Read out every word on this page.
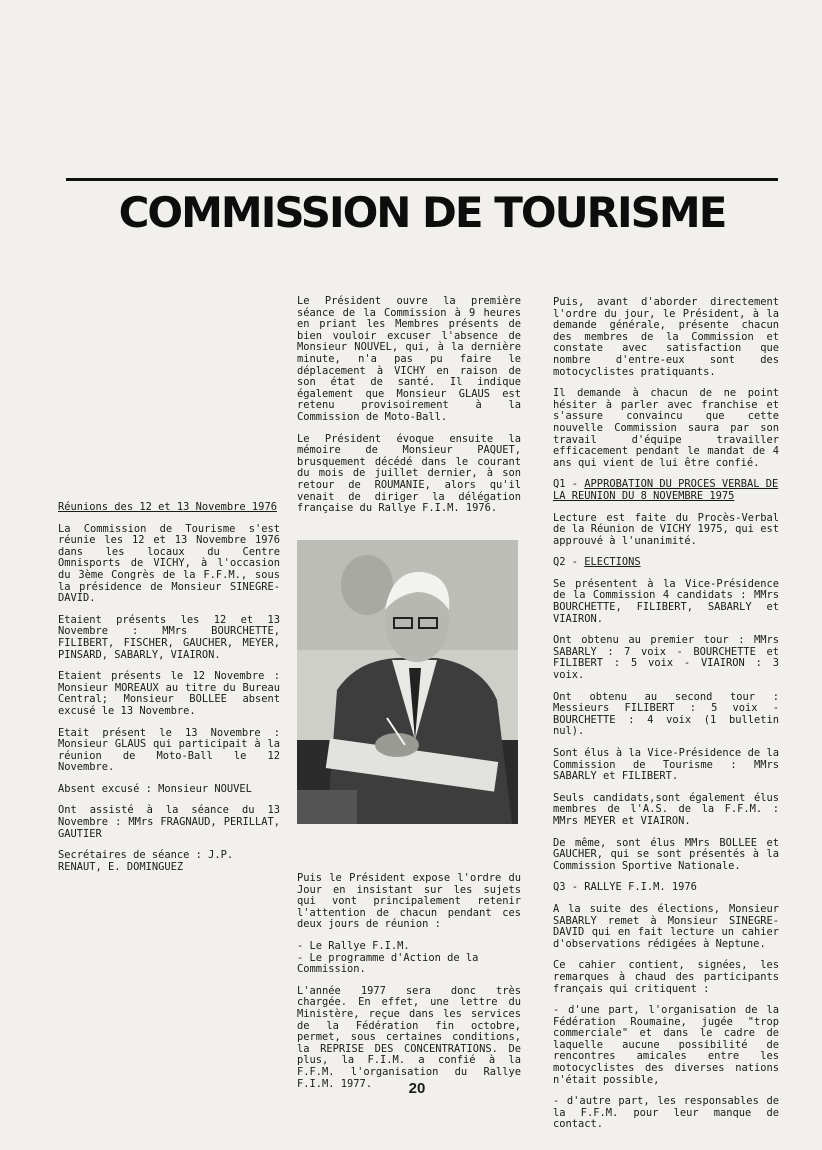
COMMISSION DE TOURISME

Réunions des 12 et 13 Novembre 1976

La Commission de Tourisme s'est réunie les 12 et 13 Novembre 1976 dans les locaux du Centre Omnisports de VICHY, à l'occasion du 3ème Congrès de la F.F.M., sous la présidence de Monsieur SINEGRE-DAVID.

Etaient présents les 12 et 13 Novembre : MMrs BOURCHETTE, FILIBERT, FISCHER, GAUCHER, MEYER, PINSARD, SABARLY, VIAIRON.

Etaient présents le 12 Novembre : Monsieur MOREAUX au titre du Bureau Central; Monsieur BOLLEE absent excusé le 13 Novembre.

Etait présent le 13 Novembre : Monsieur GLAUS qui participait à la réunion de Moto-Ball le 12 Novembre.

Absent excusé : Monsieur NOUVEL

Ont assisté à la séance du 13 Novembre : MMrs FRAGNAUD, PERILLAT, GAUTIER

Secrétaires de séance : J.P. RENAUT, E. DOMINGUEZ

Le Président ouvre la première séance de la Commission à 9 heures en priant les Membres présents de bien vouloir excuser l'absence de Monsieur NOUVEL, qui, à la dernière minute, n'a pas pu faire le déplacement à VICHY en raison de son état de santé. Il indique également que Monsieur GLAUS est retenu provisoirement à la Commission de Moto-Ball.

Le Président évoque ensuite la mémoire de Monsieur PAQUET, brusquement décédé dans le courant du mois de juillet dernier, à son retour de ROUMANIE, alors qu'il venait de diriger la délégation française du Rallye F.I.M. 1976.

Puis le Président expose l'ordre du Jour en insistant sur les sujets qui vont principalement retenir l'attention de chacun pendant ces deux jours de réunion :

- Le Rallye F.I.M.
- Le programme d'Action de la Commission.

L'année 1977 sera donc très chargée. En effet, une lettre du Ministère, reçue dans les services de la Fédération fin octobre, permet, sous certaines conditions, la REPRISE DES CONCENTRATIONS. De plus, la F.I.M. a confié à la F.F.M. l'organisation du Rallye F.I.M. 1977.

Puis, avant d'aborder directement l'ordre du jour, le Président, à la demande générale, présente chacun des membres de la Commission et constate avec satisfaction que nombre d'entre-eux sont des motocyclistes pratiquants.

Il demande à chacun de ne point hésiter à parler avec franchise et s'assure convaincu que cette nouvelle Commission saura par son travail d'équipe travailler efficacement pendant le mandat de 4 ans qui vient de lui être confié.

Q1 - APPROBATION DU PROCES VERBAL DE LA REUNION DU 8 NOVEMBRE 1975

Lecture est faite du Procès-Verbal de la Réunion de VICHY 1975, qui est approuvé à l'unanimité.

Q2 - ELECTIONS

Se présentent à la Vice-Présidence de la Commission 4 candidats : MMrs BOURCHETTE, FILIBERT, SABARLY et VIAIRON.

Ont obtenu au premier tour : MMrs SABARLY : 7 voix - BOURCHETTE et FILIBERT : 5 voix - VIAIRON : 3 voix.

Ont obtenu au second tour : Messieurs FILIBERT : 5 voix - BOURCHETTE : 4 voix (1 bulletin nul).

Sont élus à la Vice-Présidence de la Commission de Tourisme : MMrs SABARLY et FILIBERT.

Seuls candidats,sont également élus membres de l'A.S. de la F.F.M. : MMrs MEYER et VIAIRON.

De même, sont élus MMrs BOLLEE et GAUCHER, qui se sont présentés à la Commission Sportive Nationale.

Q3 - RALLYE F.I.M. 1976

A la suite des élections, Monsieur SABARLY remet à Monsieur SINEGRE-DAVID qui en fait lecture un cahier d'observations rédigées à Neptune.

Ce cahier contient, signées, les remarques à chaud des participants français qui critiquent :

- d'une part, l'organisation de la Fédération Roumaine, jugée "trop commerciale" et dans le cadre de laquelle aucune possibilité de rencontres amicales entre les motocyclistes des diverses nations n'était possible,

- d'autre part, les responsables de la F.F.M. pour leur manque de contact.

20
